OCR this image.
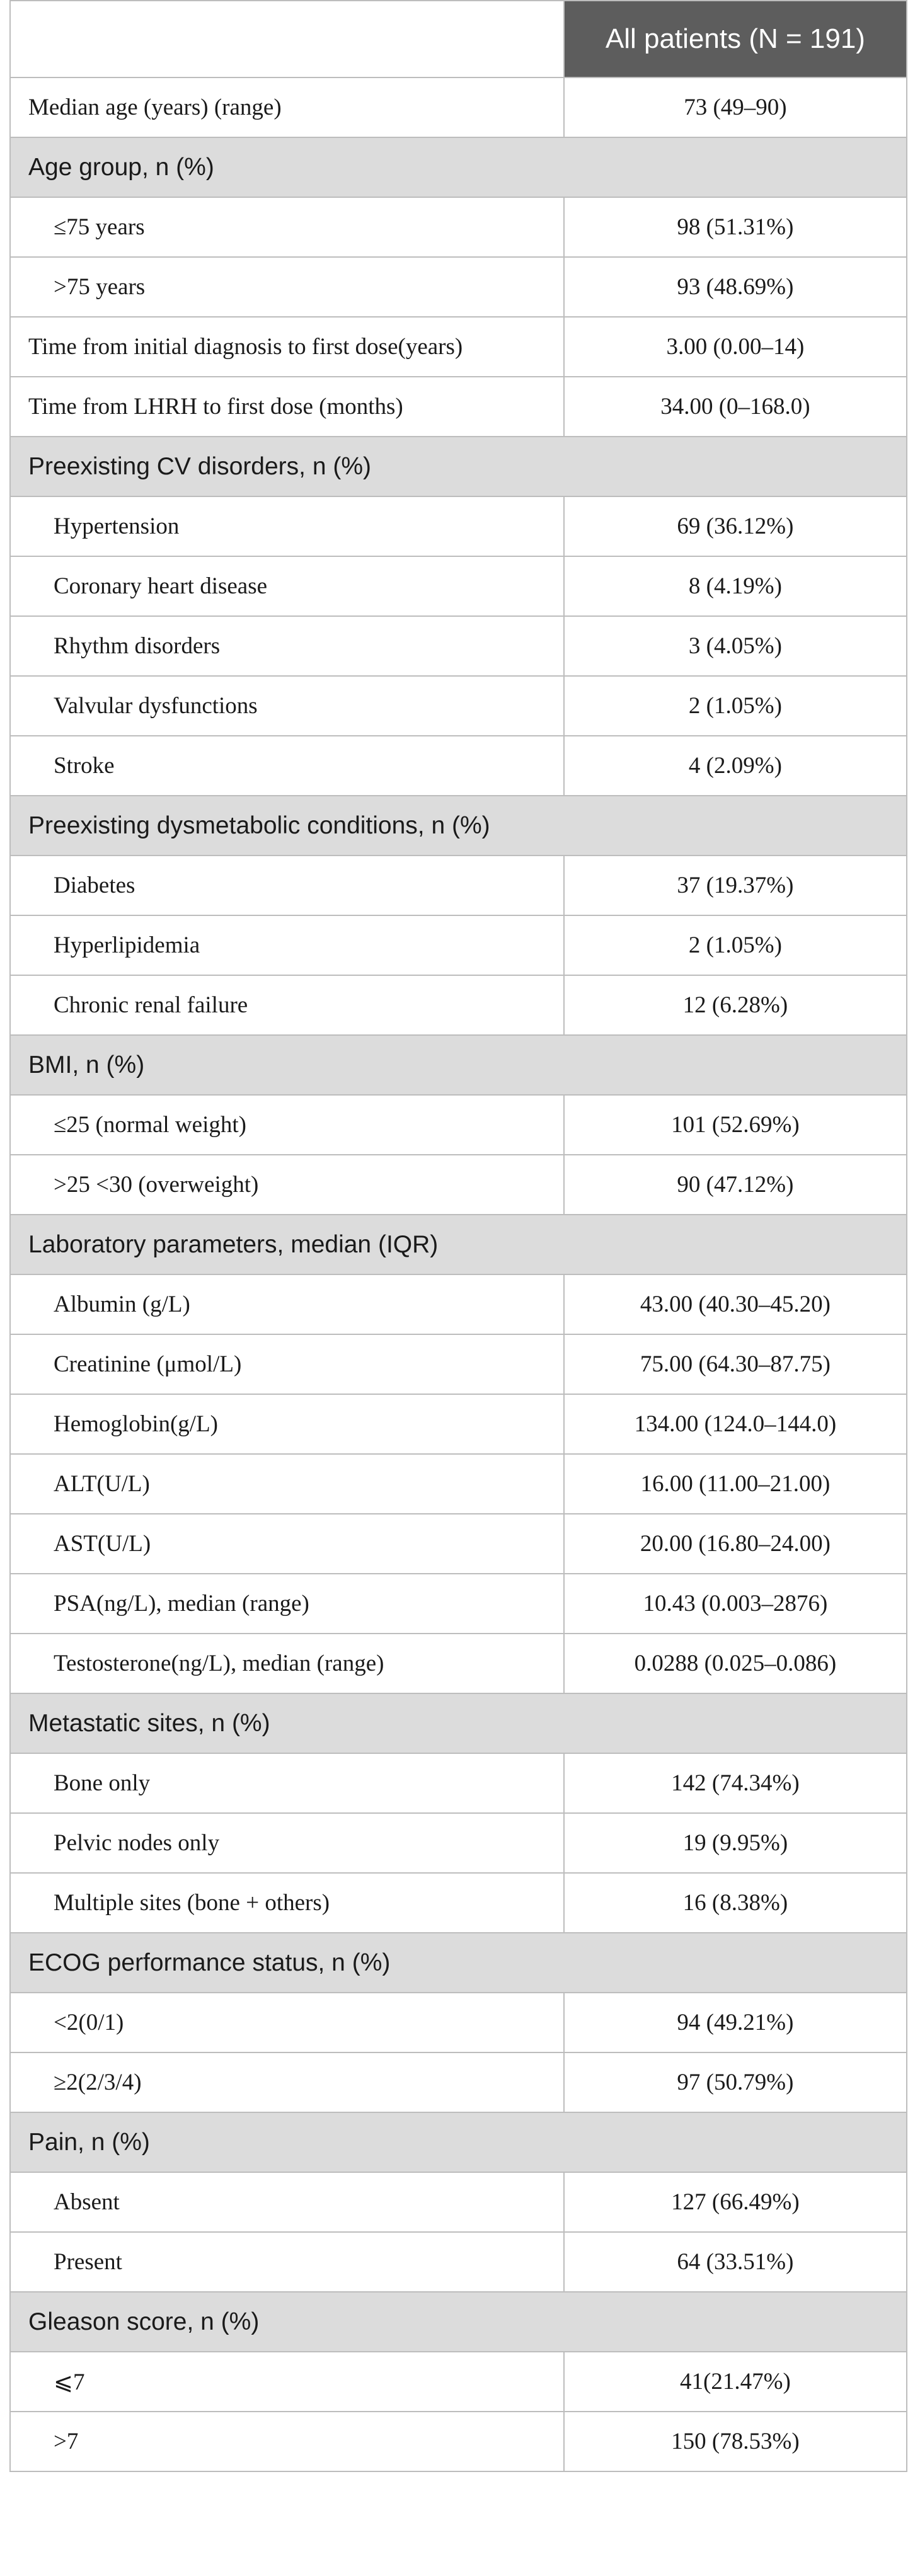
	All patients (N = 191)
Median age (years) (range)	73 (49–90)
Age group, n (%)	
≤75 years	98 (51.31%)
>75 years	93 (48.69%)
Time from initial diagnosis to first dose(years)	3.00 (0.00–14)
Time from LHRH to first dose (months)	34.00 (0–168.0)
Preexisting CV disorders, n (%)	
Hypertension	69 (36.12%)
Coronary heart disease	8 (4.19%)
Rhythm disorders	3 (4.05%)
Valvular dysfunctions	2 (1.05%)
Stroke	4 (2.09%)
Preexisting dysmetabolic conditions, n (%)	
Diabetes	37 (19.37%)
Hyperlipidemia	2 (1.05%)
Chronic renal failure	12 (6.28%)
BMI, n (%)	
≤25 (normal weight)	101 (52.69%)
>25 <30 (overweight)	90 (47.12%)
Laboratory parameters, median (IQR)	
Albumin (g/L)	43.00 (40.30–45.20)
Creatinine (μmol/L)	75.00 (64.30–87.75)
Hemoglobin(g/L)	134.00 (124.0–144.0)
ALT(U/L)	16.00 (11.00–21.00)
AST(U/L)	20.00 (16.80–24.00)
PSA(ng/L), median (range)	10.43 (0.003–2876)
Testosterone(ng/L), median (range)	0.0288 (0.025–0.086)
Metastatic sites, n (%)	
Bone only	142 (74.34%)
Pelvic nodes only	19 (9.95%)
Multiple sites (bone + others)	16 (8.38%)
ECOG performance status, n (%)	
<2(0/1)	94 (49.21%)
≥2(2/3/4)	97 (50.79%)
Pain, n (%)	
Absent	127 (66.49%)
Present	64 (33.51%)
Gleason score, n (%)	
⩽7	41(21.47%)
>7	150 (78.53%)
